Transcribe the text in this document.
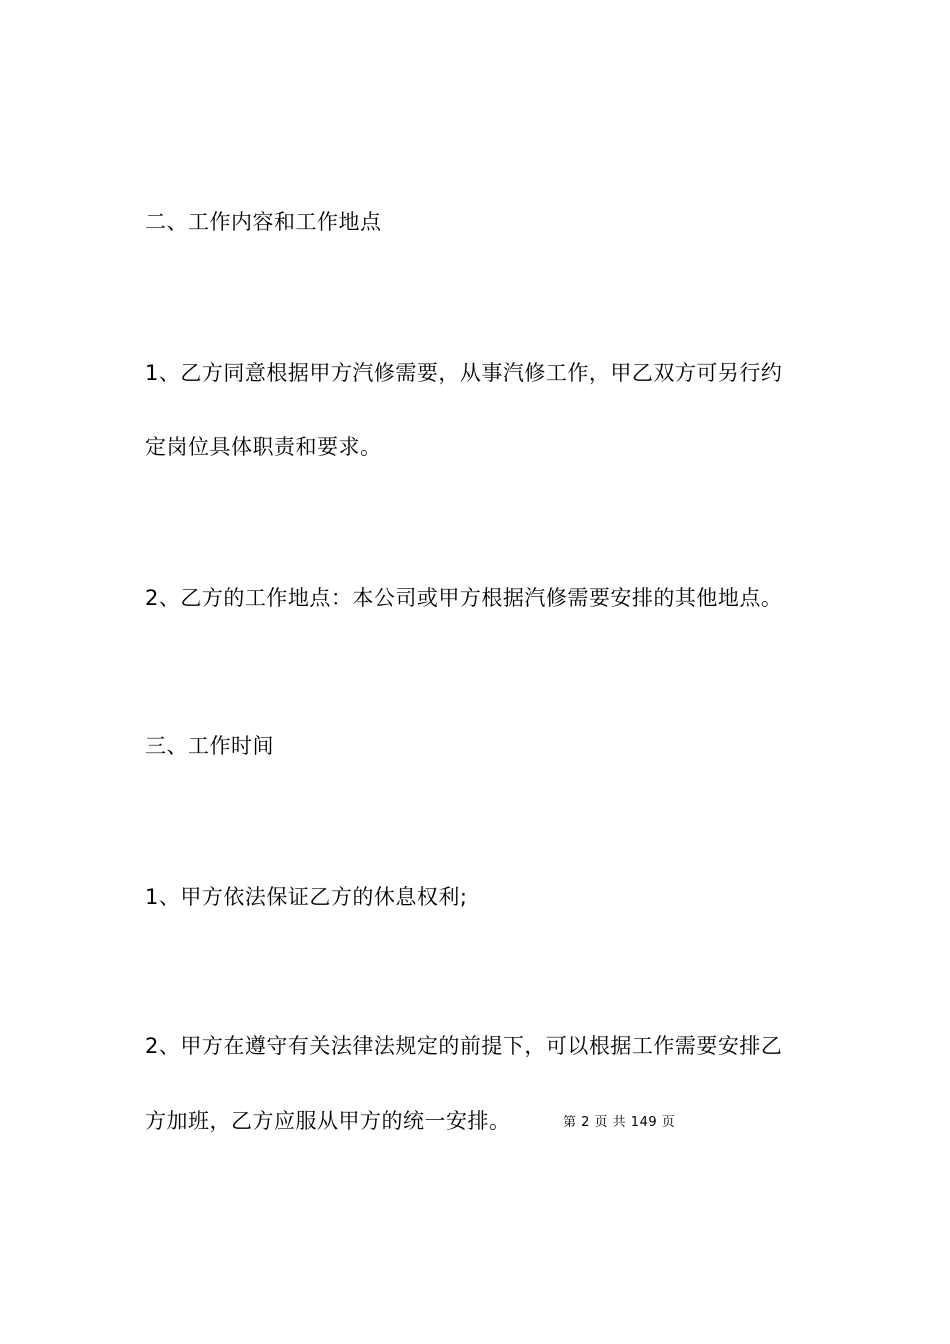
二、工作内容和工作地点
1、乙方同意根据甲方汽修需要，从事汽修工作，甲乙双方可另行约
定岗位具体职责和要求。
2、乙方的工作地点：本公司或甲方根据汽修需要安排的其他地点。
三、工作时间
1、甲方依法保证乙方的休息权利;
2、甲方在遵守有关法律法规定的前提下，可以根据工作需要安排乙
方加班，乙方应服从甲方的统一安排。	第 2 页 共 149 页
